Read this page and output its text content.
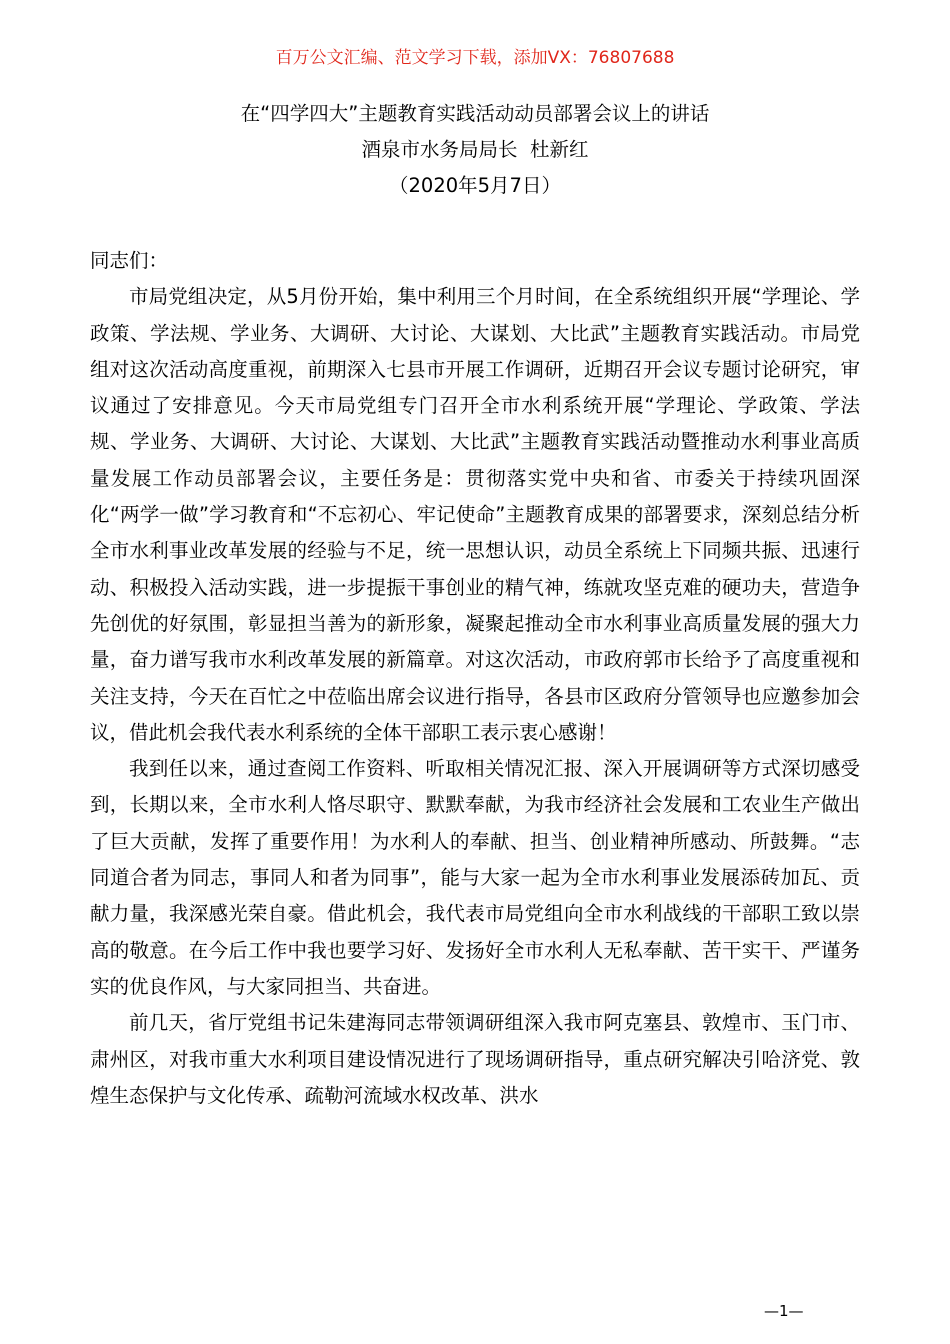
百万公文汇编、范文学习下载，添加VX：76807688
在“四学四大”主题教育实践活动动员部署会议上的讲话
酒泉市水务局局长  杜新红
（2020年5月7日）

同志们：

市局党组决定，从5月份开始，集中利用三个月时间，在全系统组织开展“学理论、学政策、学法规、学业务、大调研、大讨论、大谋划、大比武”主题教育实践活动。市局党组对这次活动高度重视，前期深入七县市开展工作调研，近期召开会议专题讨论研究，审议通过了安排意见。今天市局党组专门召开全市水利系统开展“学理论、学政策、学法规、学业务、大调研、大讨论、大谋划、大比武”主题教育实践活动暨推动水利事业高质量发展工作动员部署会议，主要任务是：贯彻落实党中央和省、市委关于持续巩固深化“两学一做”学习教育和“不忘初心、牢记使命”主题教育成果的部署要求，深刻总结分析全市水利事业改革发展的经验与不足，统一思想认识，动员全系统上下同频共振、迅速行动、积极投入活动实践，进一步提振干事创业的精气神，练就攻坚克难的硬功夫，营造争先创优的好氛围，彰显担当善为的新形象，凝聚起推动全市水利事业高质量发展的强大力量，奋力谱写我市水利改革发展的新篇章。对这次活动，市政府郭市长给予了高度重视和关注支持，今天在百忙之中莅临出席会议进行指导，各县市区政府分管领导也应邀参加会议，借此机会我代表水利系统的全体干部职工表示衷心感谢！

我到任以来，通过查阅工作资料、听取相关情况汇报、深入开展调研等方式深切感受到，长期以来，全市水利人恪尽职守、默默奉献，为我市经济社会发展和工农业生产做出了巨大贡献，发挥了重要作用！为水利人的奉献、担当、创业精神所感动、所鼓舞。“志同道合者为同志，事同人和者为同事”，能与大家一起为全市水利事业发展添砖加瓦、贡献力量，我深感光荣自豪。借此机会，我代表市局党组向全市水利战线的干部职工致以崇高的敬意。在今后工作中我也要学习好、发扬好全市水利人无私奉献、苦干实干、严谨务实的优良作风，与大家同担当、共奋进。

前几天，省厅党组书记朱建海同志带领调研组深入我市阿克塞县、敦煌市、玉门市、肃州区，对我市重大水利项目建设情况进行了现场调研指导，重点研究解决引哈济党、敦煌生态保护与文化传承、疏勒河流域水权改革、洪水

—1—
